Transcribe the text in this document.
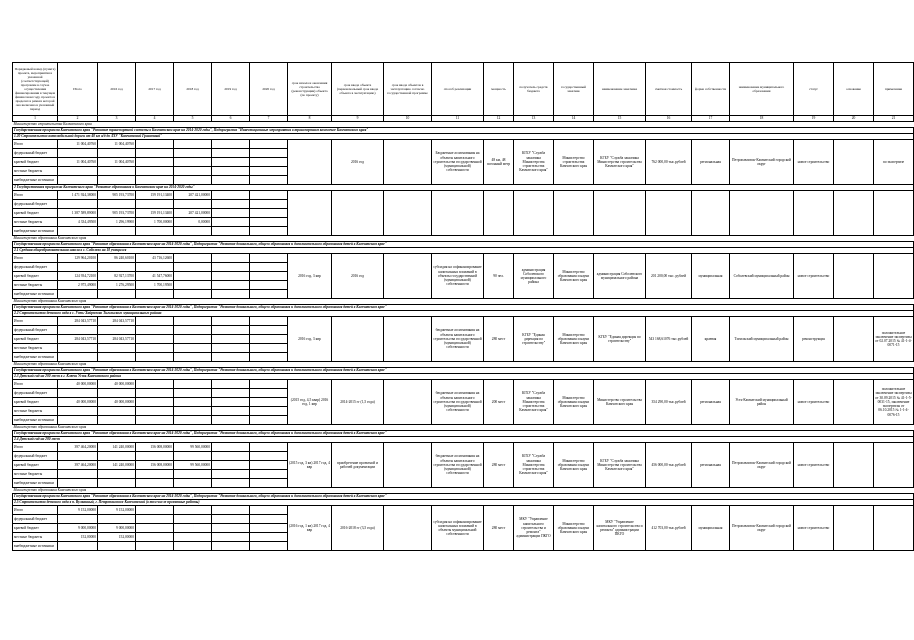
Порядковый номер (пункта) проекта, мероприятия в указанной (соответствующей) программе в случае осуществления финансирования в текущем финансовом году, проекта в пределах в рамках которой она включена в указанный период	Итого	2016 год	2017 год	2018 год	2019 год	2020 год	срок начала и окончания строительства (реконструкции) объекта (по проекту)	срок ввода объекта (первоначальный срок ввода объекта в эксплуатацию)	срок ввода объектов в эксплуатацию согласно государственной программе	способ реализации	мощность	получатель средств бюджета	государственный заказчик	наименование заказчика	сметная стоимость	форма собственности	наименование муниципального образования	статус	основание	примечание
1	2	3	4	5	6	7	8	9	10	11	12	13	14	15	16	17	18	19	20	21
Министерство строительства Камчатского края																				
Государственная программа Камчатского края "Развитие транспортной системы в Камчатском крае на 2014-2020 годы", Подпрограмма "Инвестиционные мероприятия в транспортном комплексе Камчатского края"																				
1.20 Строительство автомобильной дороги от 48 км а/д до ЛЗУ "Камчатский Граничный"																				
Итого	11 004,40760	11 004,40760						2016 год		Бюджетные ассигнования на объекты капитального строительства государственной (муниципальной) собственности	48 км, 48 погонный метр	КГБУ "Служба заказчика Министерства строительства Камчатского края"	Министерство строительства Камчатского края	КГБУ "Служба заказчика Министерства строительства Камчатского края"	762 000,00 тыс.рублей	региональная	Петропавловск-Камчатский городской округ	новое строительство		по экспертизе
федеральный бюджет																				
краевой бюджет	11 004,40760	11 004,40760																		
местные бюджеты																				
внебюджетные источники																				
2 Государственная программа Камчатского края "Развитие образования в Камчатском крае на 2014-2020 годы"																				
Итого	1 471 924,38000	905 193,73700	159 191,13400	207 421,00000																
федеральный бюджет																				
краевой бюджет	1 387 589,89000	905 193,73700	159 191,13400	207 421,00000																
местные бюджеты	4 334,49500	1 296,19900	1 700,00000	0,00000																
внебюджетные источники																				
Министерство образования Камчатского края																				
Государственная программа Камчатского края "Развитие образования в Камчатском крае на 2014-2020 годы", Подпрограмма "Развитие дошкольного, общего образования и дополнительного образования детей в Камчатском крае"																				
2.1 Средняя общеобразовательная школа в с. Соболево на 18 учащихся																				
Итого	129 964,20100	86 240,60100	43 716,12600				2016 год, 3 квр	2016 год		субсидия на софинансирование капитальных вложений в объекты государственной (муниципальной) собственности	90 чел.	администрация Соболевского муниципального района	Министерство образования и науки Камчатского края	администрация Соболевского муниципального района	201 200,00 тыс. рублей	муниципальная	Соболевский муниципальный район	новое строительство		
федеральный бюджет																				
краевой бюджет	124 934,72100	82 927,13700	41 547,76000																	
местные бюджеты	2 975,49000	1 276,29500	1 700,19500																	
внебюджетные источники																				
Министерство образования Камчатского края																				
Государственная программа Камчатского края "Развитие образования в Камчатском крае на 2014-2020 годы", Подпрограмма "Развитие дошкольного, общего образования и дополнительного образования детей в Камчатском крае"																				
2.2 Строительство детского сада в с. Усть-Хайрюзово Тигильского муниципального района																				
Итого	284 043,57710	284 043,57710					2016 год, 3 квр			бюджетные ассигнования на объекты капитального строительства государственной (муниципальной) собственности	280 мест	КГБУ "Единая дирекция по строительству"	Министерство образования и науки Камчатского края	КГБУ "Единая дирекция по строительству"	543 168,61076 тыс.рублей	краевая	Тигильский муниципальный район	реконструкция		положительное заключение экспертизы от 02.07.2015 № 41-1-4-0071-15
федеральный бюджет																				
краевой бюджет	284 043,57710	284 043,57710																		
местные бюджеты																				
внебюджетные источники																				
Министерство образования Камчатского края																				
Государственная программа Камчатского края "Развитие образования в Камчатском крае на 2014-2020 годы", Подпрограмма "Развитие дошкольного, общего образования и дополнительного образования детей в Камчатском крае"																				
2.3 Детский сад на 200 мест в г. Ключи Усть-Камчатского района																				
Итого	40 000,00000	40 000,00000					(2015 год, 4,5 квар) 2016 год, 1 квр	2014-2015 гг (1,5 года)		бюджетные ассигнования на объекты капитального строительства государственной (муниципальной) собственности	200 мест	КГБУ "Служба заказчика Министерства строительства Камчатского края"	Министерство образования и науки Камчатского края	Министерство строительства Камчатского края	354 290,00 тыс.рублей	региональная	Усть-Камчатский муниципальный район	новое строительство		положительное заключение экспертизы от 30.09.2015 № 41-1-5-0031-15, заключение экспертизы от 06.10.2015 № 1-1-4-0076-15
федеральный бюджет																				
краевой бюджет	40 000,00000	40 000,00000																		
местные бюджеты																				
внебюджетные источники																				
Министерство образования Камчатского края																				
Государственная программа Камчатского края "Развитие образования в Камчатском крае на 2014-2020 годы", Подпрограмма "Развитие дошкольного, общего образования и дополнительного образования детей в Камчатском крае"																				
2.4 Детский сад на 280 мест																				
Итого	397 464,20000	141 240,00000	156 008,00000	99 560,00000			(2015 год, 3 кв) 2017 год, 4 квр	приобретение проектной и рабочей документации		бюджетные ассигнования на объекты капитального строительства государственной (муниципальной) собственности	280 мест	КГБУ "Служба заказчика Министерства строительства Камчатского края"	Министерство образования и науки Камчатского края	КГБУ "Служба заказчика Министерства строительства Камчатского края"	456 000,00 тыс.рублей	региональная	Петропавловск-Камчатский городской округ	новое строительство		
федеральный бюджет																				
краевой бюджет	397 464,20000	141 240,00000	156 008,00000	99 560,00000																
местные бюджеты																				
внебюджетные источники																				
Министерство образования Камчатского края																				
Государственная программа Камчатского края "Развитие образования в Камчатском крае на 2014-2020 годы", Подпрограмма "Развитие дошкольного, общего образования и дополнительного образования детей в Камчатском крае"																				
2.5 Строительство детского сада в п. Вулканный, г. Петропавловск-Камчатский (в том числе проектные работы)																				
Итого	9 152,00000	9 152,00000					(2016 год, 1 кв) 2017 год, 4 квр	2016-2018 гг (3,5 года)		субсидия на софинансирование капитальных вложений в объекты муниципальной собственности	280 мест	МКУ "Управление капитального строительства и ремонта" администрации ПКГО	Министерство образования и науки Камчатского края	МКУ "Управление капитального строительства и ремонта" администрации ПКГО	412 703,00 тыс.рублей	муниципальная	Петропавловск-Камчатский городской округ	новое строительство		
федеральный бюджет																				
краевой бюджет	9 000,00000	9 000,00000																		
местные бюджеты	152,00000	152,00000																		
внебюджетные источники																				
